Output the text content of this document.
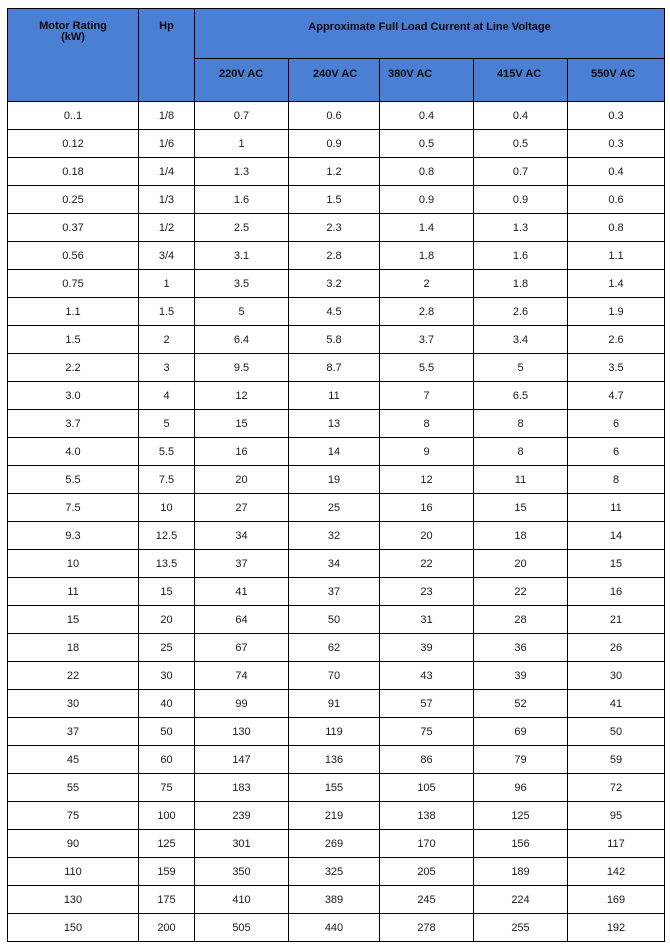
Motor Rating
(kW)	Hp	Approximate Full Load Current at Line Voltage				

		220V AC	240V AC	380V AC	415V AC	550V AC

0..1	1/8	0.7	0.6	0.4	0.4	0.3
0.12	1/6	1	0.9	0.5	0.5	0.3
0.18	1/4	1.3	1.2	0.8	0.7	0.4
0.25	1/3	1.6	1.5	0.9	0.9	0.6
0.37	1/2	2.5	2.3	1.4	1.3	0.8
0.56	3/4	3.1	2.8	1.8	1.6	1.1
0.75	1	3.5	3.2	2	1.8	1.4
1.1	1.5	5	4.5	2.8	2.6	1.9
1.5	2	6.4	5.8	3.7	3.4	2.6
2.2	3	9.5	8.7	5.5	5	3.5
3.0	4	12	11	7	6.5	4.7
3.7	5	15	13	8	8	6
4.0	5.5	16	14	9	8	6
5.5	7.5	20	19	12	11	8
7.5	10	27	25	16	15	11
9.3	12.5	34	32	20	18	14
10	13.5	37	34	22	20	15
11	15	41	37	23	22	16
15	20	64	50	31	28	21
18	25	67	62	39	36	26
22	30	74	70	43	39	30
30	40	99	91	57	52	41
37	50	130	119	75	69	50
45	60	147	136	86	79	59
55	75	183	155	105	96	72
75	100	239	219	138	125	95
90	125	301	269	170	156	117
110	159	350	325	205	189	142
130	175	410	389	245	224	169
150	200	505	440	278	255	192
